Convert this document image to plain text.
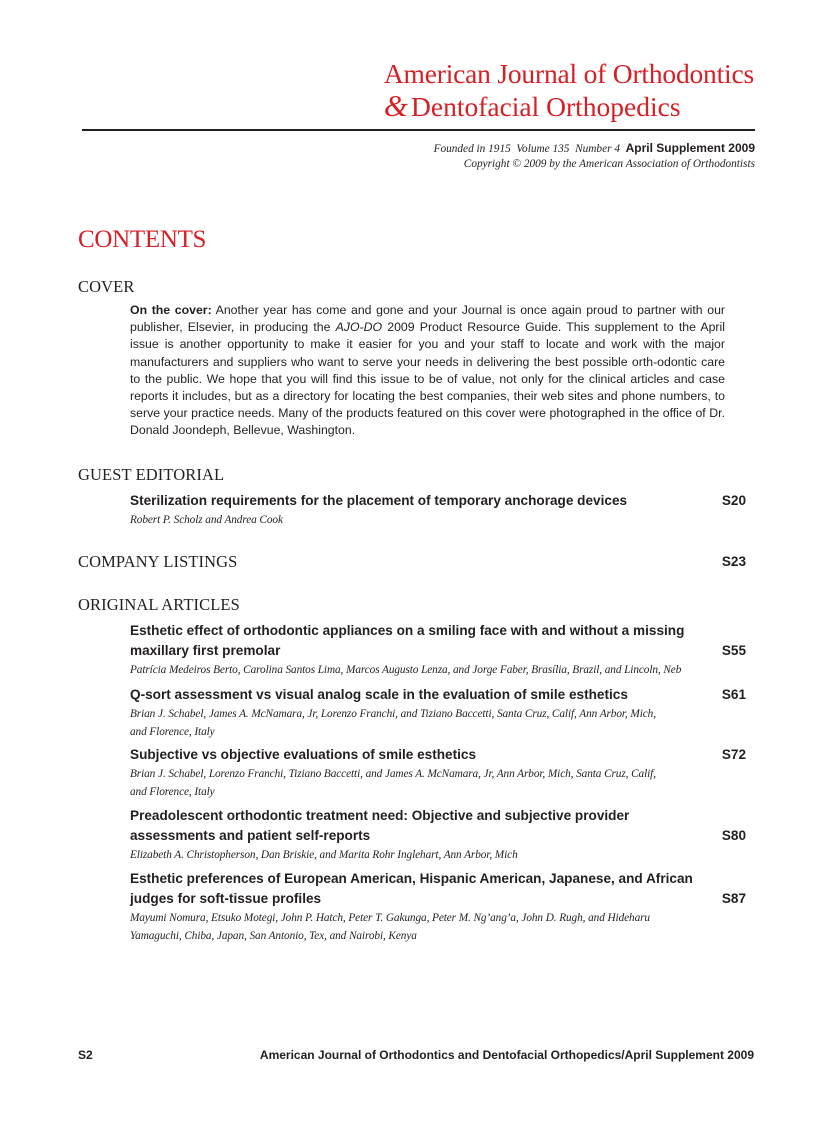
American Journal of Orthodontics
& Dentofacial Orthopedics
Founded in 1915 Volume 135 Number 4 April Supplement 2009
Copyright © 2009 by the American Association of Orthodontists
CONTENTS
COVER
On the cover: Another year has come and gone and your Journal is once again proud to partner with our publisher, Elsevier, in producing the AJO-DO 2009 Product Resource Guide. This supplement to the April issue is another opportunity to make it easier for you and your staff to locate and work with the major manufacturers and suppliers who want to serve your needs in delivering the best possible orth-odontic care to the public. We hope that you will find this issue to be of value, not only for the clinical articles and case reports it includes, but as a directory for locating the best companies, their web sites and phone numbers, to serve your practice needs. Many of the products featured on this cover were photographed in the office of Dr. Donald Joondeph, Bellevue, Washington.
GUEST EDITORIAL
Sterilization requirements for the placement of temporary anchorage devices
Robert P. Scholz and Andrea Cook
S20
COMPANY LISTINGS	S23
ORIGINAL ARTICLES
Esthetic effect of orthodontic appliances on a smiling face with and without a missing
maxillary first premolar
Patrícia Medeiros Berto, Carolina Santos Lima, Marcos Augusto Lenza, and Jorge Faber, Brasília, Brazil, and Lincoln, Neb
S55
Q-sort assessment vs visual analog scale in the evaluation of smile esthetics
Brian J. Schabel, James A. McNamara, Jr, Lorenzo Franchi, and Tiziano Baccetti, Santa Cruz, Calif, Ann Arbor, Mich,
and Florence, Italy
S61
Subjective vs objective evaluations of smile esthetics
Brian J. Schabel, Lorenzo Franchi, Tiziano Baccetti, and James A. McNamara, Jr, Ann Arbor, Mich, Santa Cruz, Calif,
and Florence, Italy
S72
Preadolescent orthodontic treatment need: Objective and subjective provider
assessments and patient self-reports
Elizabeth A. Christopherson, Dan Briskie, and Marita Rohr Inglehart, Ann Arbor, Mich
S80
Esthetic preferences of European American, Hispanic American, Japanese, and African
judges for soft-tissue profiles
Mayumi Nomura, Etsuko Motegi, John P. Hatch, Peter T. Gakunga, Peter M. Ng’ang’a, John D. Rugh, and Hideharu
Yamaguchi, Chiba, Japan, San Antonio, Tex, and Nairobi, Kenya
S87
S2	American Journal of Orthodontics and Dentofacial Orthopedics/April Supplement 2009
